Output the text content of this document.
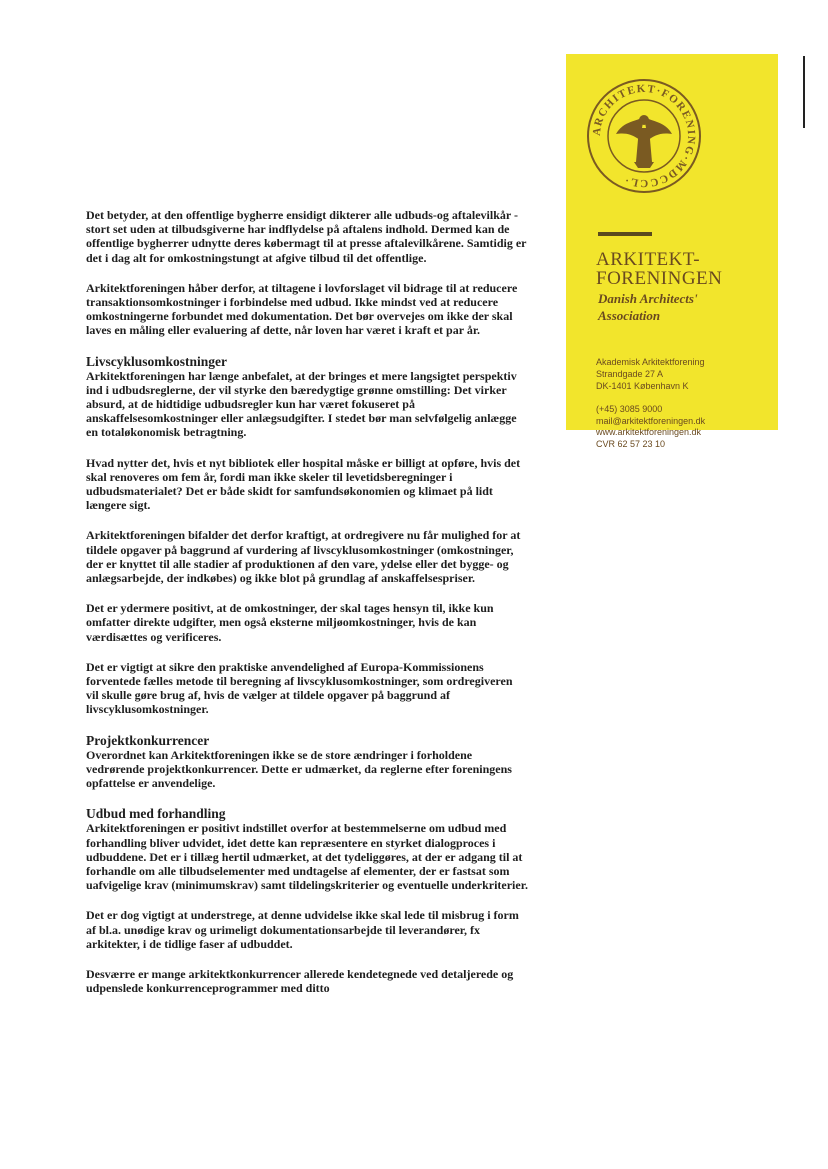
ARCHITEKT·FORENING·MDCCCL·
ARKITEKT-
FORENINGEN
Danish Architects'
Association
Akademisk Arkitektforening
Strandgade 27 A
DK-1401 København K
(+45) 3085 9000
mail@arkitektforeningen.dk
www.arkitektforeningen.dk
CVR 62 57 23 10

Det betyder, at den offentlige bygherre ensidigt dikterer alle udbuds-og aftalevilkår - stort set uden at tilbudsgiverne har indflydelse på aftalens indhold. Dermed kan de offentlige bygherrer udnytte deres købermagt til at presse aftalevilkårene. Samtidig er det i dag alt for omkostningstungt at afgive tilbud til det offentlige.

Arkitektforeningen håber derfor, at tiltagene i lovforslaget vil bidrage til at reducere transaktionsomkostninger i forbindelse med udbud. Ikke mindst ved at reducere omkostningerne forbundet med dokumentation. Det bør overvejes om ikke der skal laves en måling eller evaluering af dette, når loven har været i kraft et par år.

Livscyklusomkostninger

Arkitektforeningen har længe anbefalet, at der bringes et mere langsigtet perspektiv ind i udbudsreglerne, der vil styrke den bæredygtige grønne omstilling: Det virker absurd, at de hidtidige udbudsregler kun har været fokuseret på anskaffelsesomkostninger eller anlægsudgifter. I stedet bør man selvfølgelig anlægge en totaløkonomisk betragtning.

Hvad nytter det, hvis et nyt bibliotek eller hospital måske er billigt at opføre, hvis det skal renoveres om fem år, fordi man ikke skeler til levetidsberegninger i udbudsmaterialet? Det er både skidt for samfundsøkonomien og klimaet på lidt længere sigt.

Arkitektforeningen bifalder det derfor kraftigt, at ordregivere nu får mulighed for at tildele opgaver på baggrund af vurdering af livscyklusomkostninger (omkostninger, der er knyttet til alle stadier af produktionen af den vare, ydelse eller det bygge- og anlægsarbejde, der indkøbes) og ikke blot på grundlag af anskaffelsespriser.

Det er ydermere positivt, at de omkostninger, der skal tages hensyn til, ikke kun omfatter direkte udgifter, men også eksterne miljøomkostninger, hvis de kan værdisættes og verificeres.

Det er vigtigt at sikre den praktiske anvendelighed af Europa-Kommissionens forventede fælles metode til beregning af livscyklusomkostninger, som ordregiveren vil skulle gøre brug af, hvis de vælger at tildele opgaver på baggrund af livscyklusomkostninger.

Projektkonkurrencer

Overordnet kan Arkitektforeningen ikke se de store ændringer i forholdene vedrørende projektkonkurrencer. Dette er udmærket, da reglerne efter foreningens opfattelse er anvendelige.

Udbud med forhandling

Arkitektforeningen er positivt indstillet overfor at bestemmelserne om udbud med forhandling bliver udvidet, idet dette kan repræsentere en styrket dialogproces i udbuddene. Det er i tillæg hertil udmærket, at det tydeliggøres, at der er adgang til at forhandle om alle tilbudselementer med undtagelse af elementer, der er fastsat som uafvigelige krav (minimumskrav) samt tildelingskriterier og eventuelle underkriterier.

Det er dog vigtigt at understrege, at denne udvidelse ikke skal lede til misbrug i form af bl.a. unødige krav og urimeligt dokumentationsarbejde til leverandører, fx arkitekter, i de tidlige faser af udbuddet.

Desværre er mange arkitektkonkurrencer allerede kendetegnede ved detaljerede og udpenslede konkurrenceprogrammer med ditto
